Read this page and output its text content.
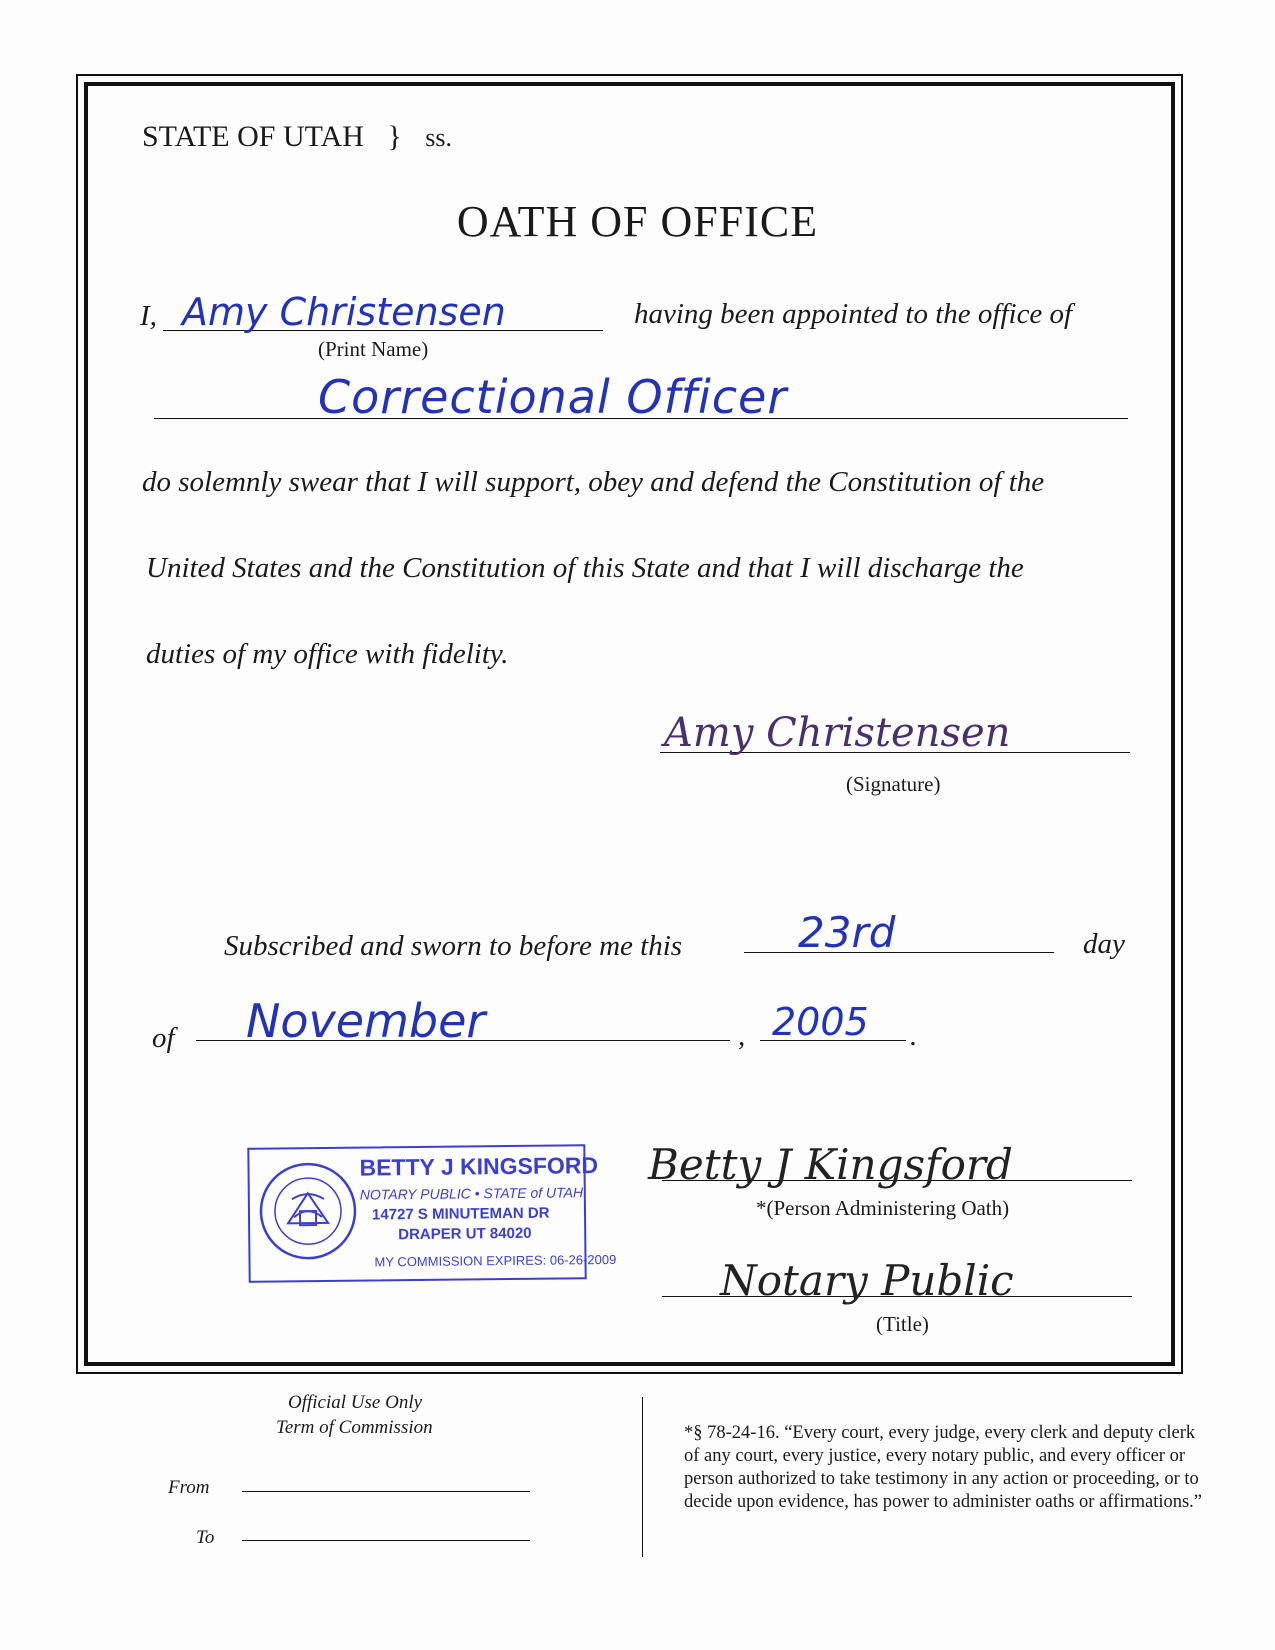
STATE OF UTAH } ss.
OATH OF OFFICE
I, Amy Christensen
(Print Name)
having been appointed to the office of
Correctional Officer
do solemnly swear that I will support, obey and defend the Constitution of the
United States and the Constitution of this State and that I will discharge the
duties of my office with fidelity.
Amy Christensen
(Signature)
Subscribed and sworn to before me this	23rd	day
of November	, 2005 .
BETTY J KINGSFORD
NOTARY PUBLIC • STATE of UTAH
14727 S MINUTEMAN DR
DRAPER UT 84020
MY COMMISSION EXPIRES: 06-26-2009
Betty J Kingsford
*(Person Administering Oath)
Notary Public
(Title)
Official Use Only
Term of Commission
From
To
*§ 78-24-16. “Every court, every judge, every clerk and deputy clerk of any court, every justice, every notary public, and every officer or person authorized to take testimony in any action or proceeding, or to decide upon evidence, has power to administer oaths or affirmations.”
